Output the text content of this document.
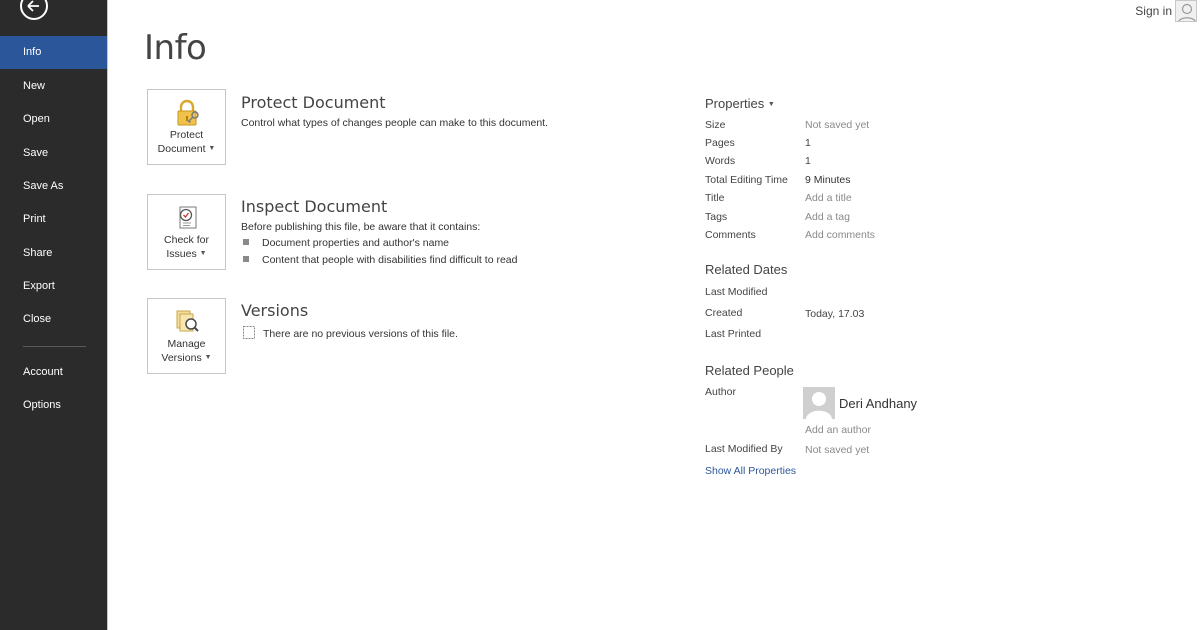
Info
New
Open
Save
Save As
Print
Share
Export
Close
Account
Options
Info
Sign in
Protect
Document ▼
Protect Document
Control what types of changes people can make to this document.
Check for
Issues ▼
Inspect Document
Before publishing this file, be aware that it contains:
Document properties and author's name
Content that people with disabilities find difficult to read
Manage
Versions ▼
Versions
There are no previous versions of this file.
Properties ▼
Size	Not saved yet
Pages	1
Words	1
Total Editing Time 9 Minutes
Title	Add a title
Tags	Add a tag
Comments	Add comments
Related Dates
Last Modified
Created	Today, 17.03
Last Printed
Related People
Author
Deri Andhany
Add an author
Last Modified By Not saved yet
Show All Properties
